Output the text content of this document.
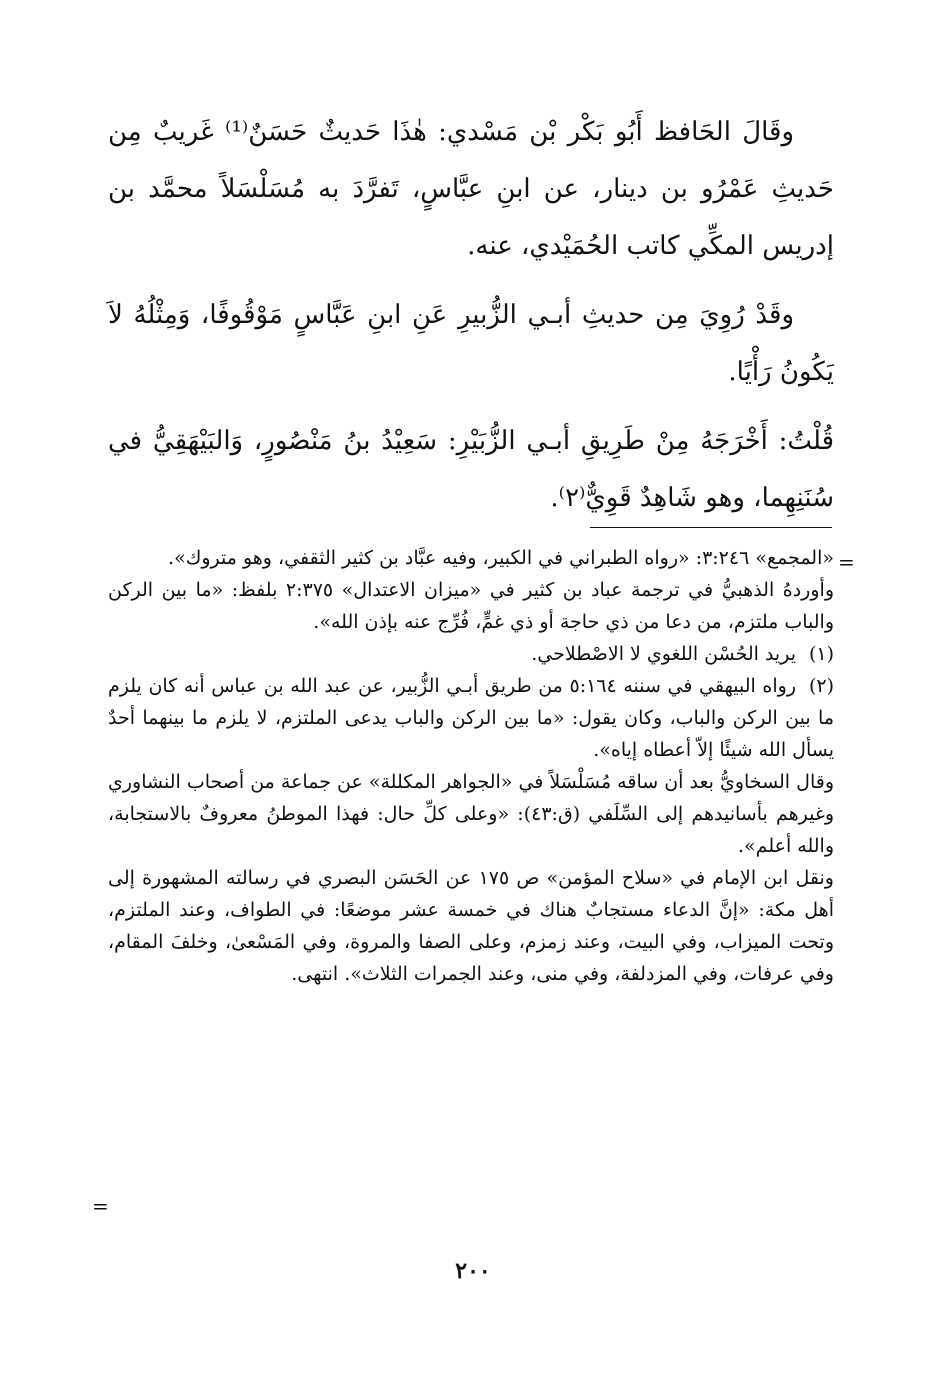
وقَالَ الحَافظ أَبُو بَكْر بْن مَسْدي: هٰذَا حَديثٌ حَسَنٌ⁽¹⁾ غَريبٌ مِن حَديثِ عَمْرُو بن دينار، عن ابنِ عبَّاسٍ، تَفرَّدَ به مُسَلْسَلاً محمَّد بن إدريس المكِّي كاتب الحُمَيْدي، عنه.

وقَدْ رُوِيَ مِن حديثِ أبـي الزُّبيرِ عَنِ ابنِ عَبَّاسٍ مَوْقُوفًا، وَمِثْلُهُ لاَ يَكُونُ رَأْيًا.

قُلْتُ: أَخْرَجَهُ مِنْ طَرِيقِ أبـي الزُّبَيْرِ: سَعِيْدُ بنُ مَنْصُورٍ، وَالبَيْهَقِيُّ في سُنَنِهِما، وهو شَاهِدٌ قَوِيٌّ⁽٢⁾.

=

«المجمع» ٣:٢٤٦: «رواه الطبراني في الكبير، وفيه عبَّاد بن كثير الثقفي، وهو متروك».

وأوردهُ الذهبيُّ في ترجمة عباد بن كثير في «ميزان الاعتدال» ٢:٣٧٥ بلفظ: «ما بين الركن والباب ملتزم، من دعا من ذي حاجة أو ذي غمٍّ، فُرِّج عنه بإذن الله».

(١)يريد الحُسْن اللغوي لا الاصْطلاحي.

(٢)رواه البيهقي في سننه ٥:١٦٤ من طريق أبـي الزُّبير، عن عبد الله بن عباس أنه كان يلزم ما بين الركن والباب، وكان يقول: «ما بين الركن والباب يدعى الملتزم، لا يلزم ما بينهما أحدٌ يسأل الله شيئًا إلاّ أعطاه إياه».

وقال السخاويُّ بعد أن ساقه مُسَلْسَلاً في «الجواهر المكللة» عن جماعة من أصحاب النشاوري وغيرهم بأسانيدهم إلى السِّلَفي (ق:٤٣): «وعلى كلِّ حال: فهذا الموطنُ معروفٌ بالاستجابة، والله أعلم».

ونقل ابن الإمام في «سلاح المؤمن» ص ١٧٥ عن الحَسَن البصري في رسالته المشهورة إلى أهل مكة: «إنَّ الدعاء مستجابٌ هناك في خمسة عشر موضعًا: في الطواف، وعند الملتزم، وتحت الميزاب، وفي البيت، وعند زمزم، وعلى الصفا والمروة، وفي المَسْعىٰ، وخلفَ المقام، وفي عرفات، وفي المزدلفة، وفي منى، وعند الجمرات الثلاث». انتهى.

=
٢٠٠
